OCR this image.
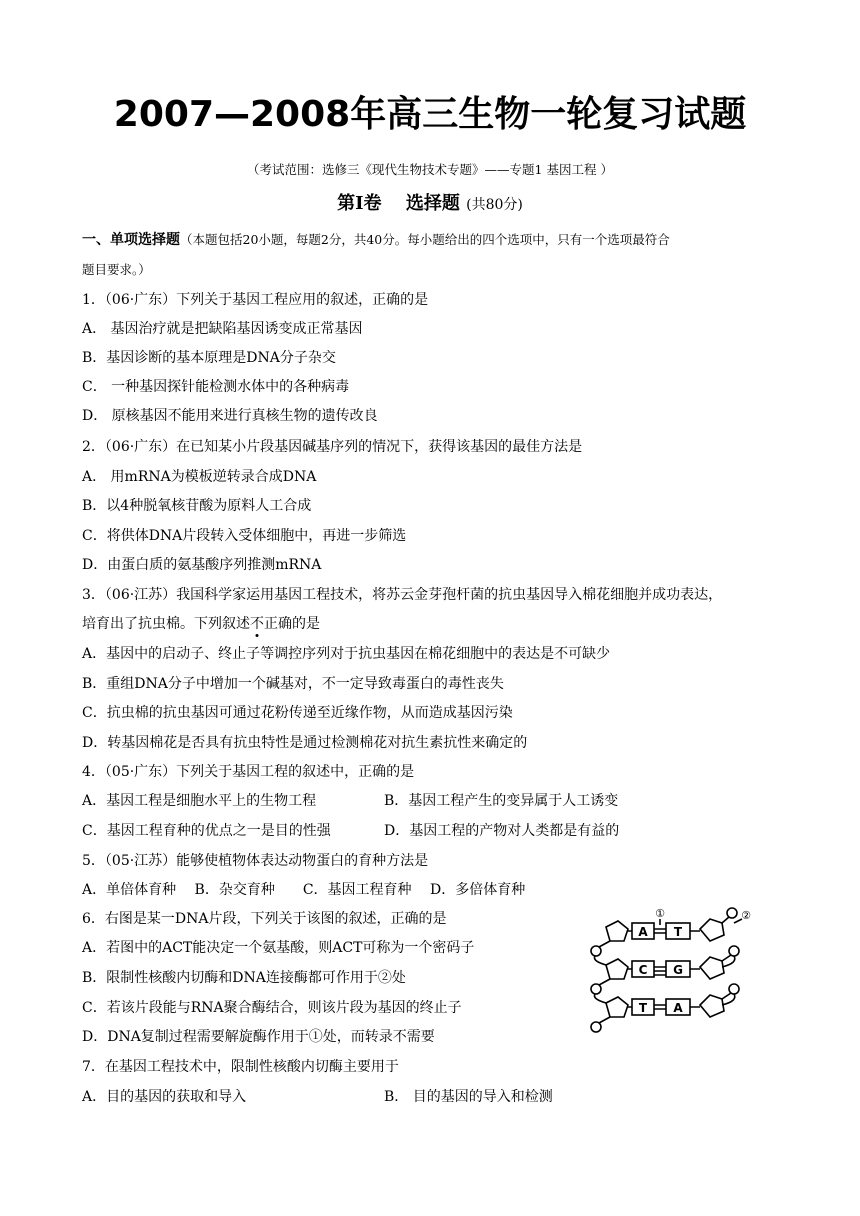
2007—2008年高三生物一轮复习试题
（考试范围：选修三《现代生物技术专题》——专题1 基因工程 ）
第Ⅰ卷　 选择题 (共80分)
一、单项选择题（本题包括20小题，每题2分，共40分。每小题给出的四个选项中，只有一个选项最符合
题目要求。）
1．（06·广东）下列关于基因工程应用的叙述，正确的是
A． 基因治疗就是把缺陷基因诱变成正常基因
B．基因诊断的基本原理是DNA分子杂交
C． 一种基因探针能检测水体中的各种病毒
D． 原核基因不能用来进行真核生物的遗传改良
2．（06·广东）在已知某小片段基因碱基序列的情况下，获得该基因的最佳方法是
A． 用mRNA为模板逆转录合成DNA
B．以4种脱氧核苷酸为原料人工合成
C．将供体DNA片段转入受体细胞中，再进一步筛选
D．由蛋白质的氨基酸序列推测mRNA
3．（06·江苏）我国科学家运用基因工程技术，将苏云金芽孢杆菌的抗虫基因导入棉花细胞并成功表达，
培育出了抗虫棉。下列叙述不正确的是
A．基因中的启动子、终止子等调控序列对于抗虫基因在棉花细胞中的表达是不可缺少
B．重组DNA分子中增加一个碱基对，不一定导致毒蛋白的毒性丧失
C．抗虫棉的抗虫基因可通过花粉传递至近缘作物，从而造成基因污染
D．转基因棉花是否具有抗虫特性是通过检测棉花对抗生素抗性来确定的
4．（05·广东）下列关于基因工程的叙述中，正确的是
A．基因工程是细胞水平上的生物工程	B．基因工程产生的变异属于人工诱变
C．基因工程育种的优点之一是目的性强	D．基因工程的产物对人类都是有益的
5．（05·江苏）能够使植物体表达动物蛋白的育种方法是
A．单倍体育种　 B．杂交育种　　C．基因工程育种　 D．多倍体育种
6．右图是某一DNA片段，下列关于该图的叙述，正确的是
A．若图中的ACT能决定一个氨基酸，则ACT可称为一个密码子
B．限制性核酸内切酶和DNA连接酶都可作用于②处
C．若该片段能与RNA聚合酶结合，则该片段为基因的终止子
D．DNA复制过程需要解旋酶作用于①处，而转录不需要
7．在基因工程技术中，限制性核酸内切酶主要用于
A．目的基因的获取和导入	B． 目的基因的导入和检测
A T
C G
T A
①	②
